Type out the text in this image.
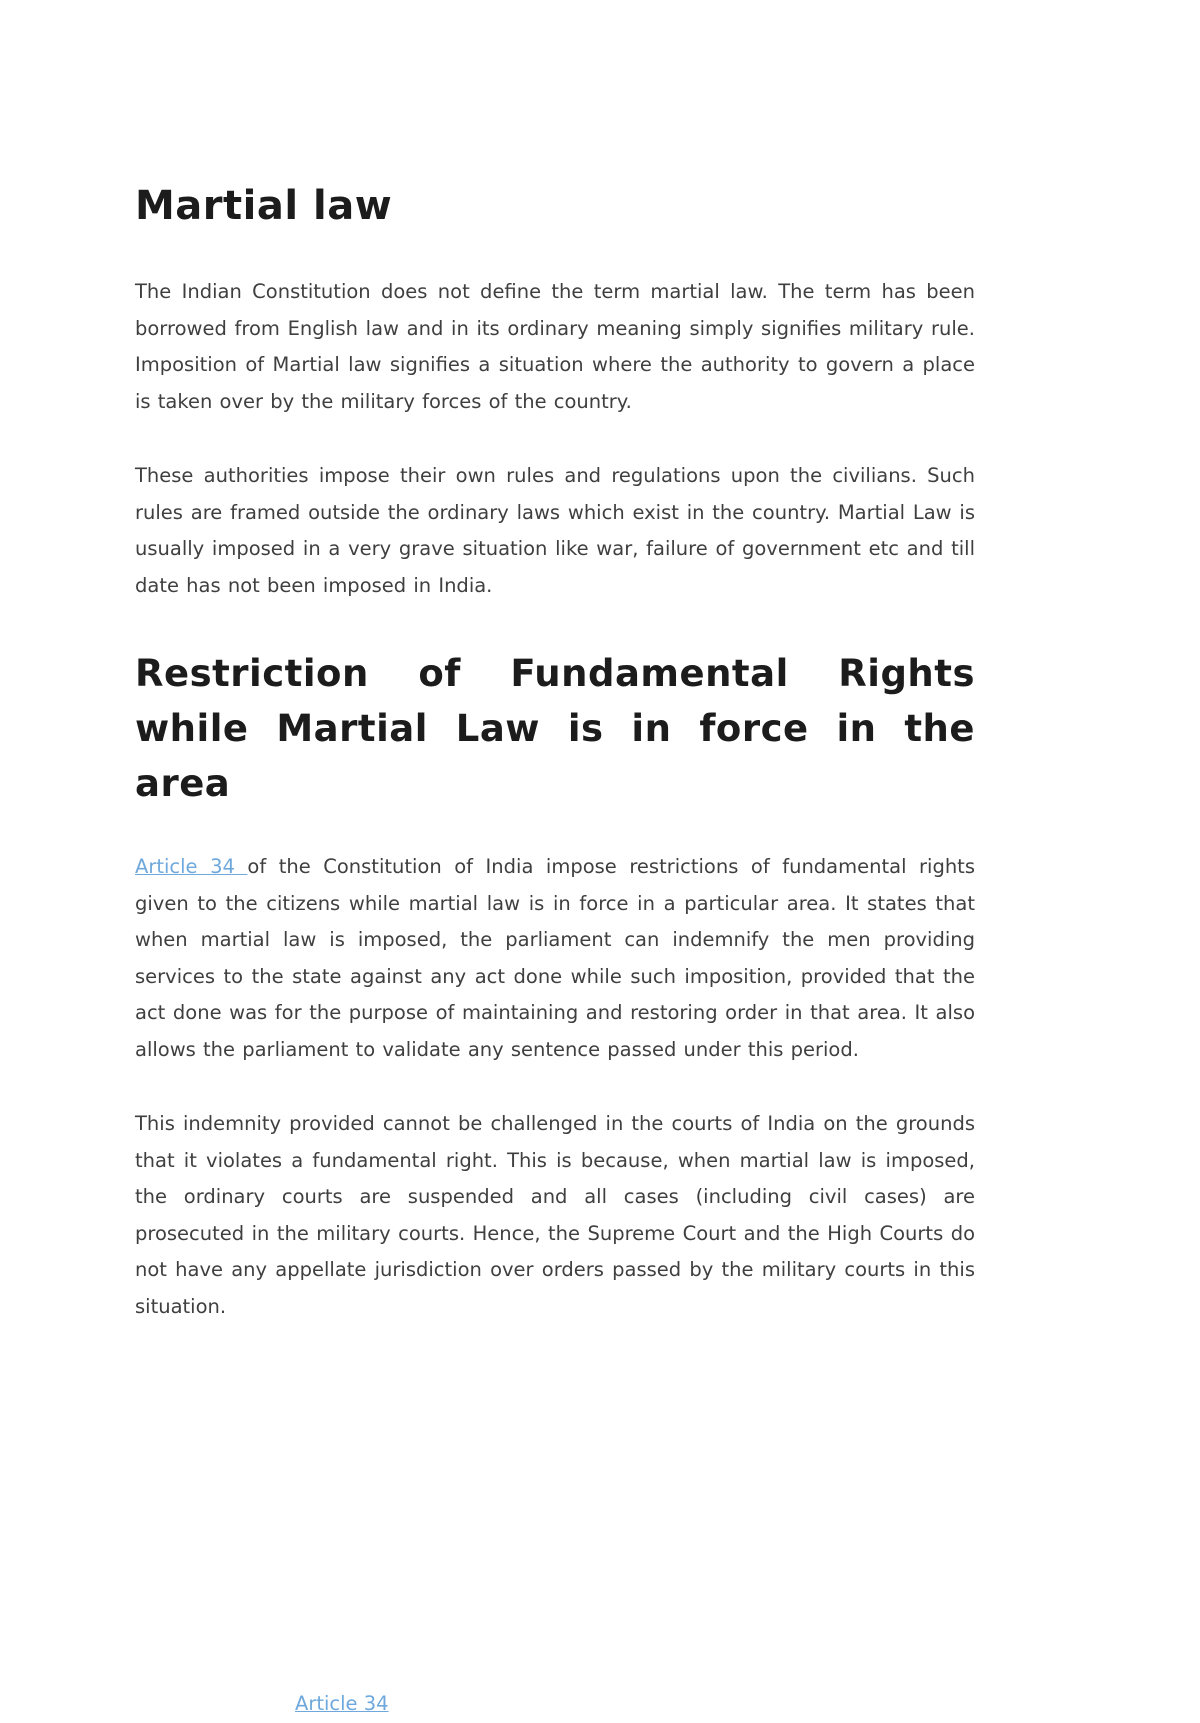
Martial law

The Indian Constitution does not define the term martial law. The term has been borrowed from English law and in its ordinary meaning simply signifies military rule. Imposition of Martial law signifies a situation where the authority to govern a place is taken over by the military forces of the country.

These authorities impose their own rules and regulations upon the civilians. Such rules are framed outside the ordinary laws which exist in the country. Martial Law is usually imposed in a very grave situation like war, failure of government etc and till date has not been imposed in India.

Restriction of Fundamental Rights while Martial Law is in force in the area

Article 34 of the Constitution of India impose restrictions of fundamental rights given to the citizens while martial law is in force in a particular area. It states that when martial law is imposed, the parliament can indemnify the men providing services to the state against any act done while such imposition, provided that the act done was for the purpose of maintaining and restoring order in that area. It also allows the parliament to validate any sentence passed under this period.

This indemnity provided cannot be challenged in the courts of India on the grounds that it violates a fundamental right. This is because, when martial law is imposed, the ordinary courts are suspended and all cases (including civil cases) are prosecuted in the military courts. Hence, the Supreme Court and the High Courts do not have any appellate jurisdiction over orders passed by the military courts in this situation.

Article 34
